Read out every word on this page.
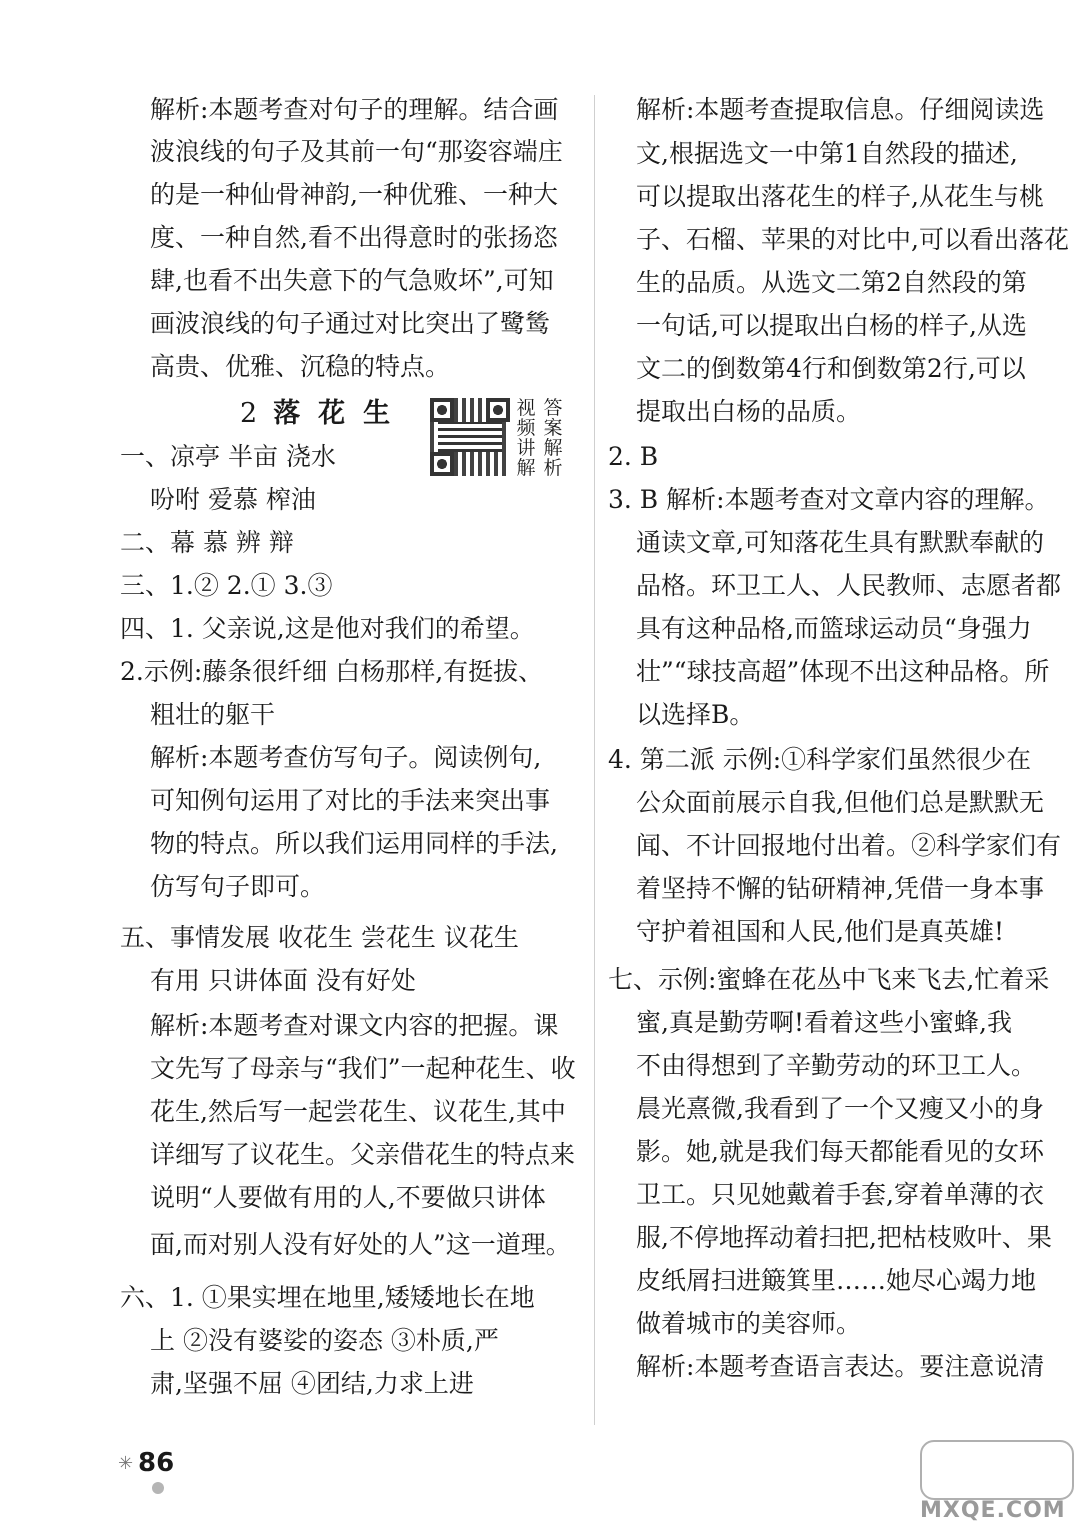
解析:本题考查对句子的理解。结合画
波浪线的句子及其前一句“那姿容端庄
的是一种仙骨神韵,一种优雅、一种大
度、一种自然,看不出得意时的张扬恣
肆,也看不出失意下的气急败坏”,可知
画波浪线的句子通过对比突出了鹭鸶
高贵、优雅、沉稳的特点。
2 落花生	视频讲解
答案解析
一、凉亭 半亩 浇水
吩咐 爱慕 榨油
二、幕 慕 辨 辩
三、1.② 2.① 3.③
四、1. 父亲说,这是他对我们的希望。
2.示例:藤条很纤细 白杨那样,有挺拔、
粗壮的躯干
解析:本题考查仿写句子。阅读例句,
可知例句运用了对比的手法来突出事
物的特点。所以我们运用同样的手法,
仿写句子即可。
五、事情发展 收花生 尝花生 议花生
有用 只讲体面 没有好处
解析:本题考查对课文内容的把握。课
文先写了母亲与“我们”一起种花生、收
花生,然后写一起尝花生、议花生,其中
详细写了议花生。父亲借花生的特点来
说明“人要做有用的人,不要做只讲体
面,而对别人没有好处的人”这一道理。
六、1. ①果实埋在地里,矮矮地长在地
上 ②没有婆娑的姿态 ③朴质,严
肃,坚强不屈 ④团结,力求上进
解析:本题考查提取信息。仔细阅读选
文,根据选文一中第1自然段的描述,
可以提取出落花生的样子,从花生与桃
子、石榴、苹果的对比中,可以看出落花
生的品质。从选文二第2自然段的第
一句话,可以提取出白杨的样子,从选
文二的倒数第4行和倒数第2行,可以
提取出白杨的品质。
2. B
3. B 解析:本题考查对文章内容的理解。
通读文章,可知落花生具有默默奉献的
品格。环卫工人、人民教师、志愿者都
具有这种品格,而篮球运动员“身强力
壮”“球技高超”体现不出这种品格。所
以选择B。
4. 第二派 示例:①科学家们虽然很少在
公众面前展示自我,但他们总是默默无
闻、不计回报地付出着。②科学家们有
着坚持不懈的钻研精神,凭借一身本事
守护着祖国和人民,他们是真英雄!
七、示例:蜜蜂在花丛中飞来飞去,忙着采
蜜,真是勤劳啊!看着这些小蜜蜂,我
不由得想到了辛勤劳动的环卫工人。
晨光熹微,我看到了一个又瘦又小的身
影。她,就是我们每天都能看见的女环
卫工。只见她戴着手套,穿着单薄的衣
服,不停地挥动着扫把,把枯枝败叶、果
皮纸屑扫进簸箕里……她尽心竭力地
做着城市的美容师。
解析:本题考查语言表达。要注意说清
✳ 86
MXQE.COM
